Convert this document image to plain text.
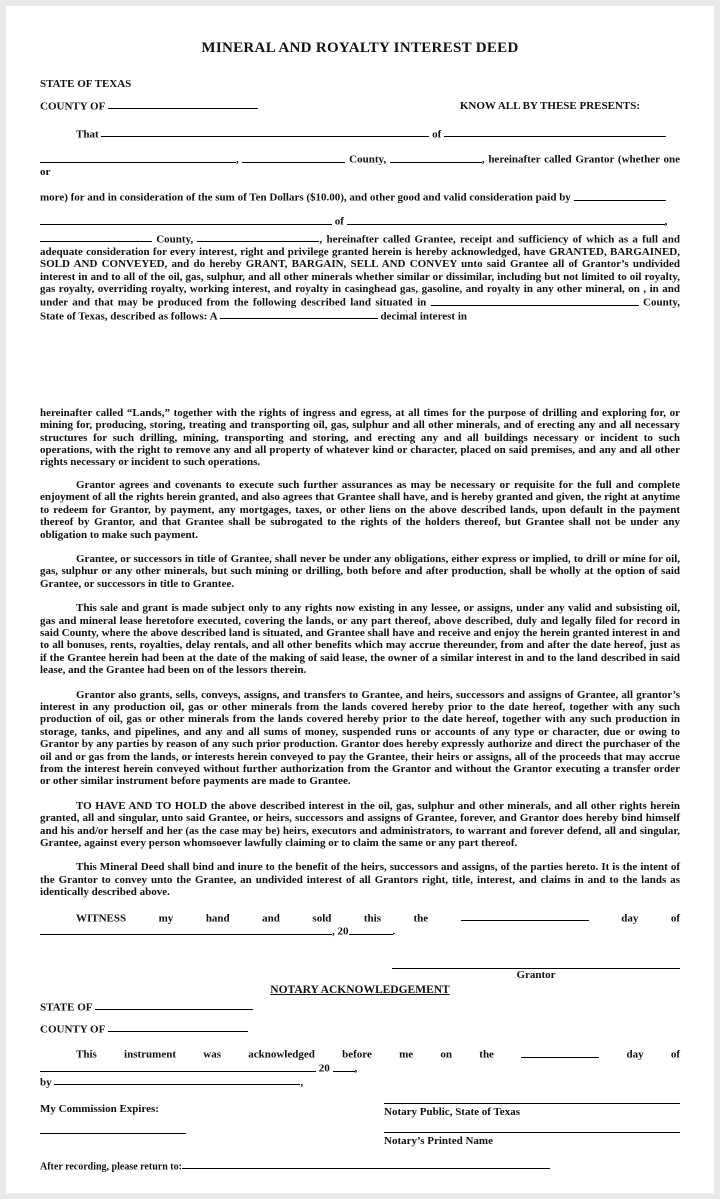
MINERAL AND ROYALTY INTEREST DEED

STATE OF TEXAS

COUNTY OF	KNOW ALL BY THESE PRESENTS:

That	of

,	County,	, hereinafter called Grantor (whether one or

more) for and in consideration of the sum of Ten Dollars ($10.00), and other good and valid consideration paid by

of	,

County,	, hereinafter called Grantee, receipt and sufficiency of which as a full and adequate consideration for every interest, right and privilege granted herein is hereby acknowledged, have GRANTED, BARGAINED, SOLD AND CONVEYED, and do hereby GRANT, BARGAIN, SELL AND CONVEY unto said Grantee all of Grantor’s undivided interest in and to all of the oil, gas, sulphur, and all other minerals whether similar or dissimilar, including but not limited to oil royalty, gas royalty, overriding royalty, working interest, and royalty in casinghead gas, gasoline, and royalty in any other mineral, on , in and under and that may be produced from the following described land situated in	County, State of Texas, described as follows: A	decimal interest in

hereinafter called “Lands,” together with the rights of ingress and egress, at all times for the purpose of drilling and exploring for, or mining for, producing, storing, treating and transporting oil, gas, sulphur and all other minerals, and of erecting any and all necessary structures for such drilling, mining, transporting and storing, and erecting any and all buildings necessary or incident to such operations, with the right to remove any and all property of whatever kind or character, placed on said premises, and any and all other rights necessary or incident to such operations.

Grantor agrees and covenants to execute such further assurances as may be necessary or requisite for the full and complete enjoyment of all the rights herein granted, and also agrees that Grantee shall have, and is hereby granted and given, the right at anytime to redeem for Grantor, by payment, any mortgages, taxes, or other liens on the above described lands, upon default in the payment thereof by Grantor, and that Grantee shall be subrogated to the rights of the holders thereof, but Grantee shall not be under any obligation to make such payment.

Grantee, or successors in title of Grantee, shall never be under any obligations, either express or implied, to drill or mine for oil, gas, sulphur or any other minerals, but such mining or drilling, both before and after production, shall be wholly at the option of said Grantee, or successors in title to Grantee.

This sale and grant is made subject only to any rights now existing in any lessee, or assigns, under any valid and subsisting oil, gas and mineral lease heretofore executed, covering the lands, or any part thereof, above described, duly and legally filed for record in said County, where the above described land is situated, and Grantee shall have and receive and enjoy the herein granted interest in and to all bonuses, rents, royalties, delay rentals, and all other benefits which may accrue thereunder, from and after the date hereof, just as if the Grantee herein had been at the date of the making of said lease, the owner of a similar interest in and to the land described in said lease, and the Grantee had been on of the lessors therein.

Grantor also grants, sells, conveys, assigns, and transfers to Grantee, and heirs, successors and assigns of Grantee, all grantor’s interest in any production oil, gas or other minerals from the lands covered hereby prior to the date hereof, together with any such production of oil, gas or other minerals from the lands covered hereby prior to the date hereof, together with any such production in storage, tanks, and pipelines, and any and all sums of money, suspended runs or accounts of any type or character, due or owing to Grantor by any parties by reason of any such prior production. Grantor does hereby expressly authorize and direct the purchaser of the oil and or gas from the lands, or interests herein conveyed to pay the Grantee, their heirs or assigns, all of the proceeds that may accrue from the interest herein conveyed without further authorization from the Grantor and without the Grantor executing a transfer order or other similar instrument before payments are made to Grantee.

TO HAVE AND TO HOLD the above described interest in the oil, gas, sulphur and other minerals, and all other rights herein granted, all and singular, unto said Grantee, or heirs, successors and assigns of Grantee, forever, and Grantor does hereby bind himself and his and/or herself and her (as the case may be) heirs, executors and administrators, to warrant and forever defend, all and singular, Grantee, against every person whomsoever lawfully claiming or to claim the same or any part thereof.

This Mineral Deed shall bind and inure to the benefit of the heirs, successors and assigns, of the parties hereto. It is the intent of the Grantor to convey unto the Grantee, an undivided interest of all Grantors right, title, interest, and claims in and to the lands as identically described above.

WITNESS my hand and sold this the	day of , 20	.

Grantor
NOTARY ACKNOWLEDGEMENT

STATE OF

COUNTY OF

This instrument was acknowledged before me on the	day of  20 ,

by	,

My Commission Expires:	Notary Public, State of Texas
Notary’s Printed Name

After recording, please return to:
